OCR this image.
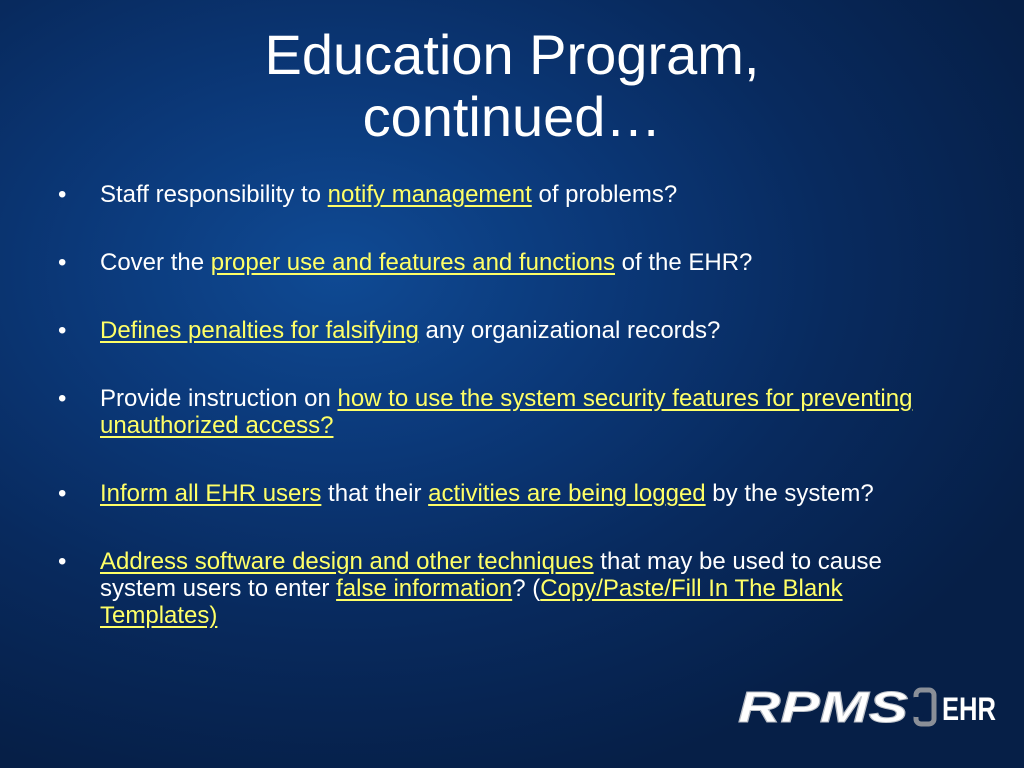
Education Program,
continued…
• Staff responsibility to notify management of problems?
• Cover the proper use and features and functions of the EHR?
• Defines penalties for falsifying any organizational records?
• Provide instruction on how to use the system security features for preventing unauthorized access?
• Inform all EHR users that their activities are being logged by the system?
• Address software design and other techniques that may be used to cause system users to enter false information? (Copy/Paste/Fill In The Blank Templates)
RPMS EHR
